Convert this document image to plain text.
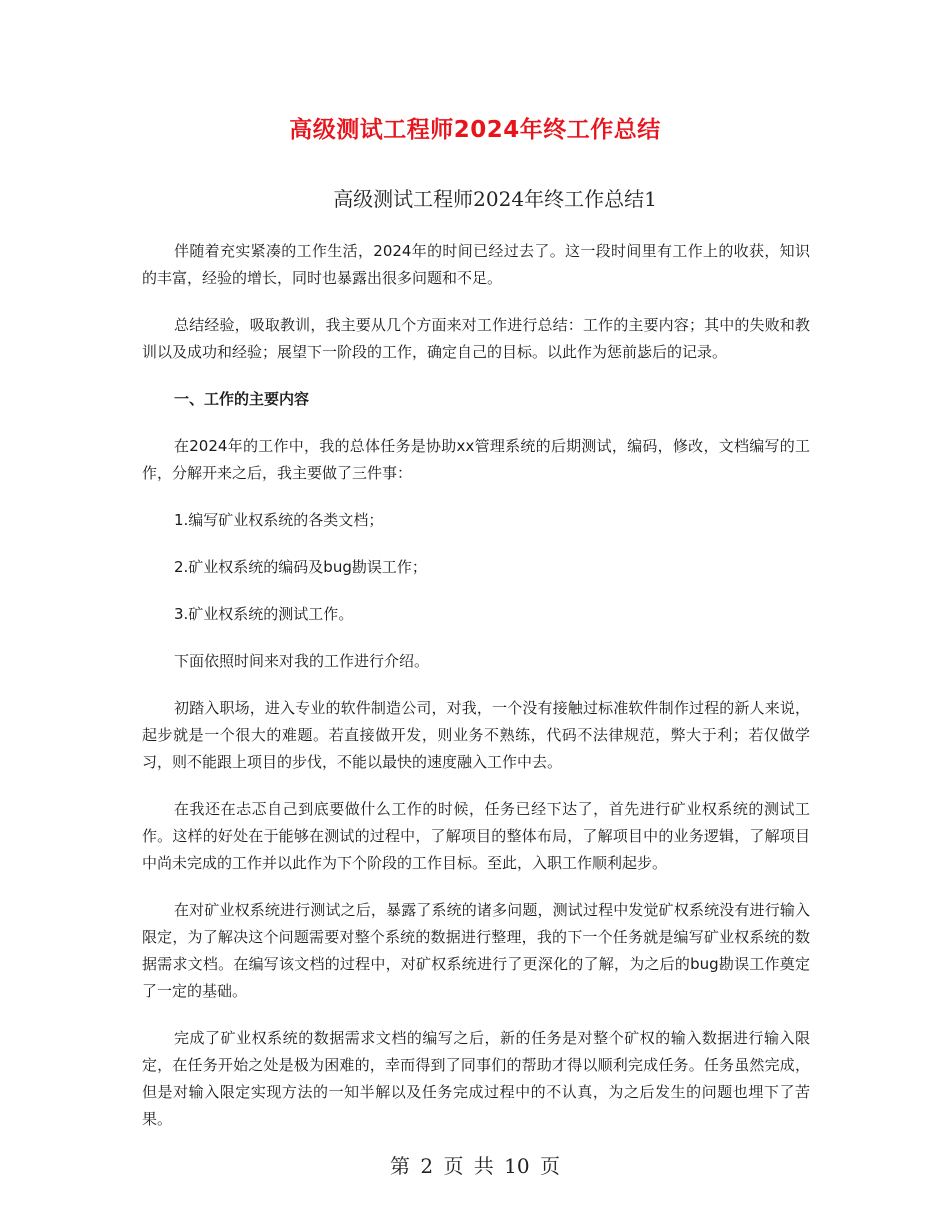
高级测试工程师2024年终工作总结
高级测试工程师2024年终工作总结1

伴随着充实紧凑的工作生活，2024年的时间已经过去了。这一段时间里有工作上的收获，知识的丰富，经验的增长，同时也暴露出很多问题和不足。

总结经验，吸取教训，我主要从几个方面来对工作进行总结：工作的主要内容；其中的失败和教训以及成功和经验；展望下一阶段的工作，确定自己的目标。以此作为惩前毖后的记录。

一、工作的主要内容

在2024年的工作中，我的总体任务是协助xx管理系统的后期测试，编码，修改，文档编写的工作，分解开来之后，我主要做了三件事：

1.编写矿业权系统的各类文档；

2.矿业权系统的编码及bug勘误工作；

3.矿业权系统的测试工作。

下面依照时间来对我的工作进行介绍。

初踏入职场，进入专业的软件制造公司，对我，一个没有接触过标准软件制作过程的新人来说，起步就是一个很大的难题。若直接做开发，则业务不熟练，代码不法律规范，弊大于利；若仅做学习，则不能跟上项目的步伐，不能以最快的速度融入工作中去。

在我还在忐忑自己到底要做什么工作的时候，任务已经下达了，首先进行矿业权系统的测试工作。这样的好处在于能够在测试的过程中，了解项目的整体布局，了解项目中的业务逻辑，了解项目中尚未完成的工作并以此作为下个阶段的工作目标。至此，入职工作顺利起步。

在对矿业权系统进行测试之后，暴露了系统的诸多问题，测试过程中发觉矿权系统没有进行输入限定，为了解决这个问题需要对整个系统的数据进行整理，我的下一个任务就是编写矿业权系统的数据需求文档。在编写该文档的过程中，对矿权系统进行了更深化的了解，为之后的bug勘误工作奠定了一定的基础。

完成了矿业权系统的数据需求文档的编写之后，新的任务是对整个矿权的输入数据进行输入限定，在任务开始之处是极为困难的，幸而得到了同事们的帮助才得以顺利完成任务。任务虽然完成，但是对输入限定实现方法的一知半解以及任务完成过程中的不认真，为之后发生的问题也埋下了苦果。

第 2 页 共 10 页
